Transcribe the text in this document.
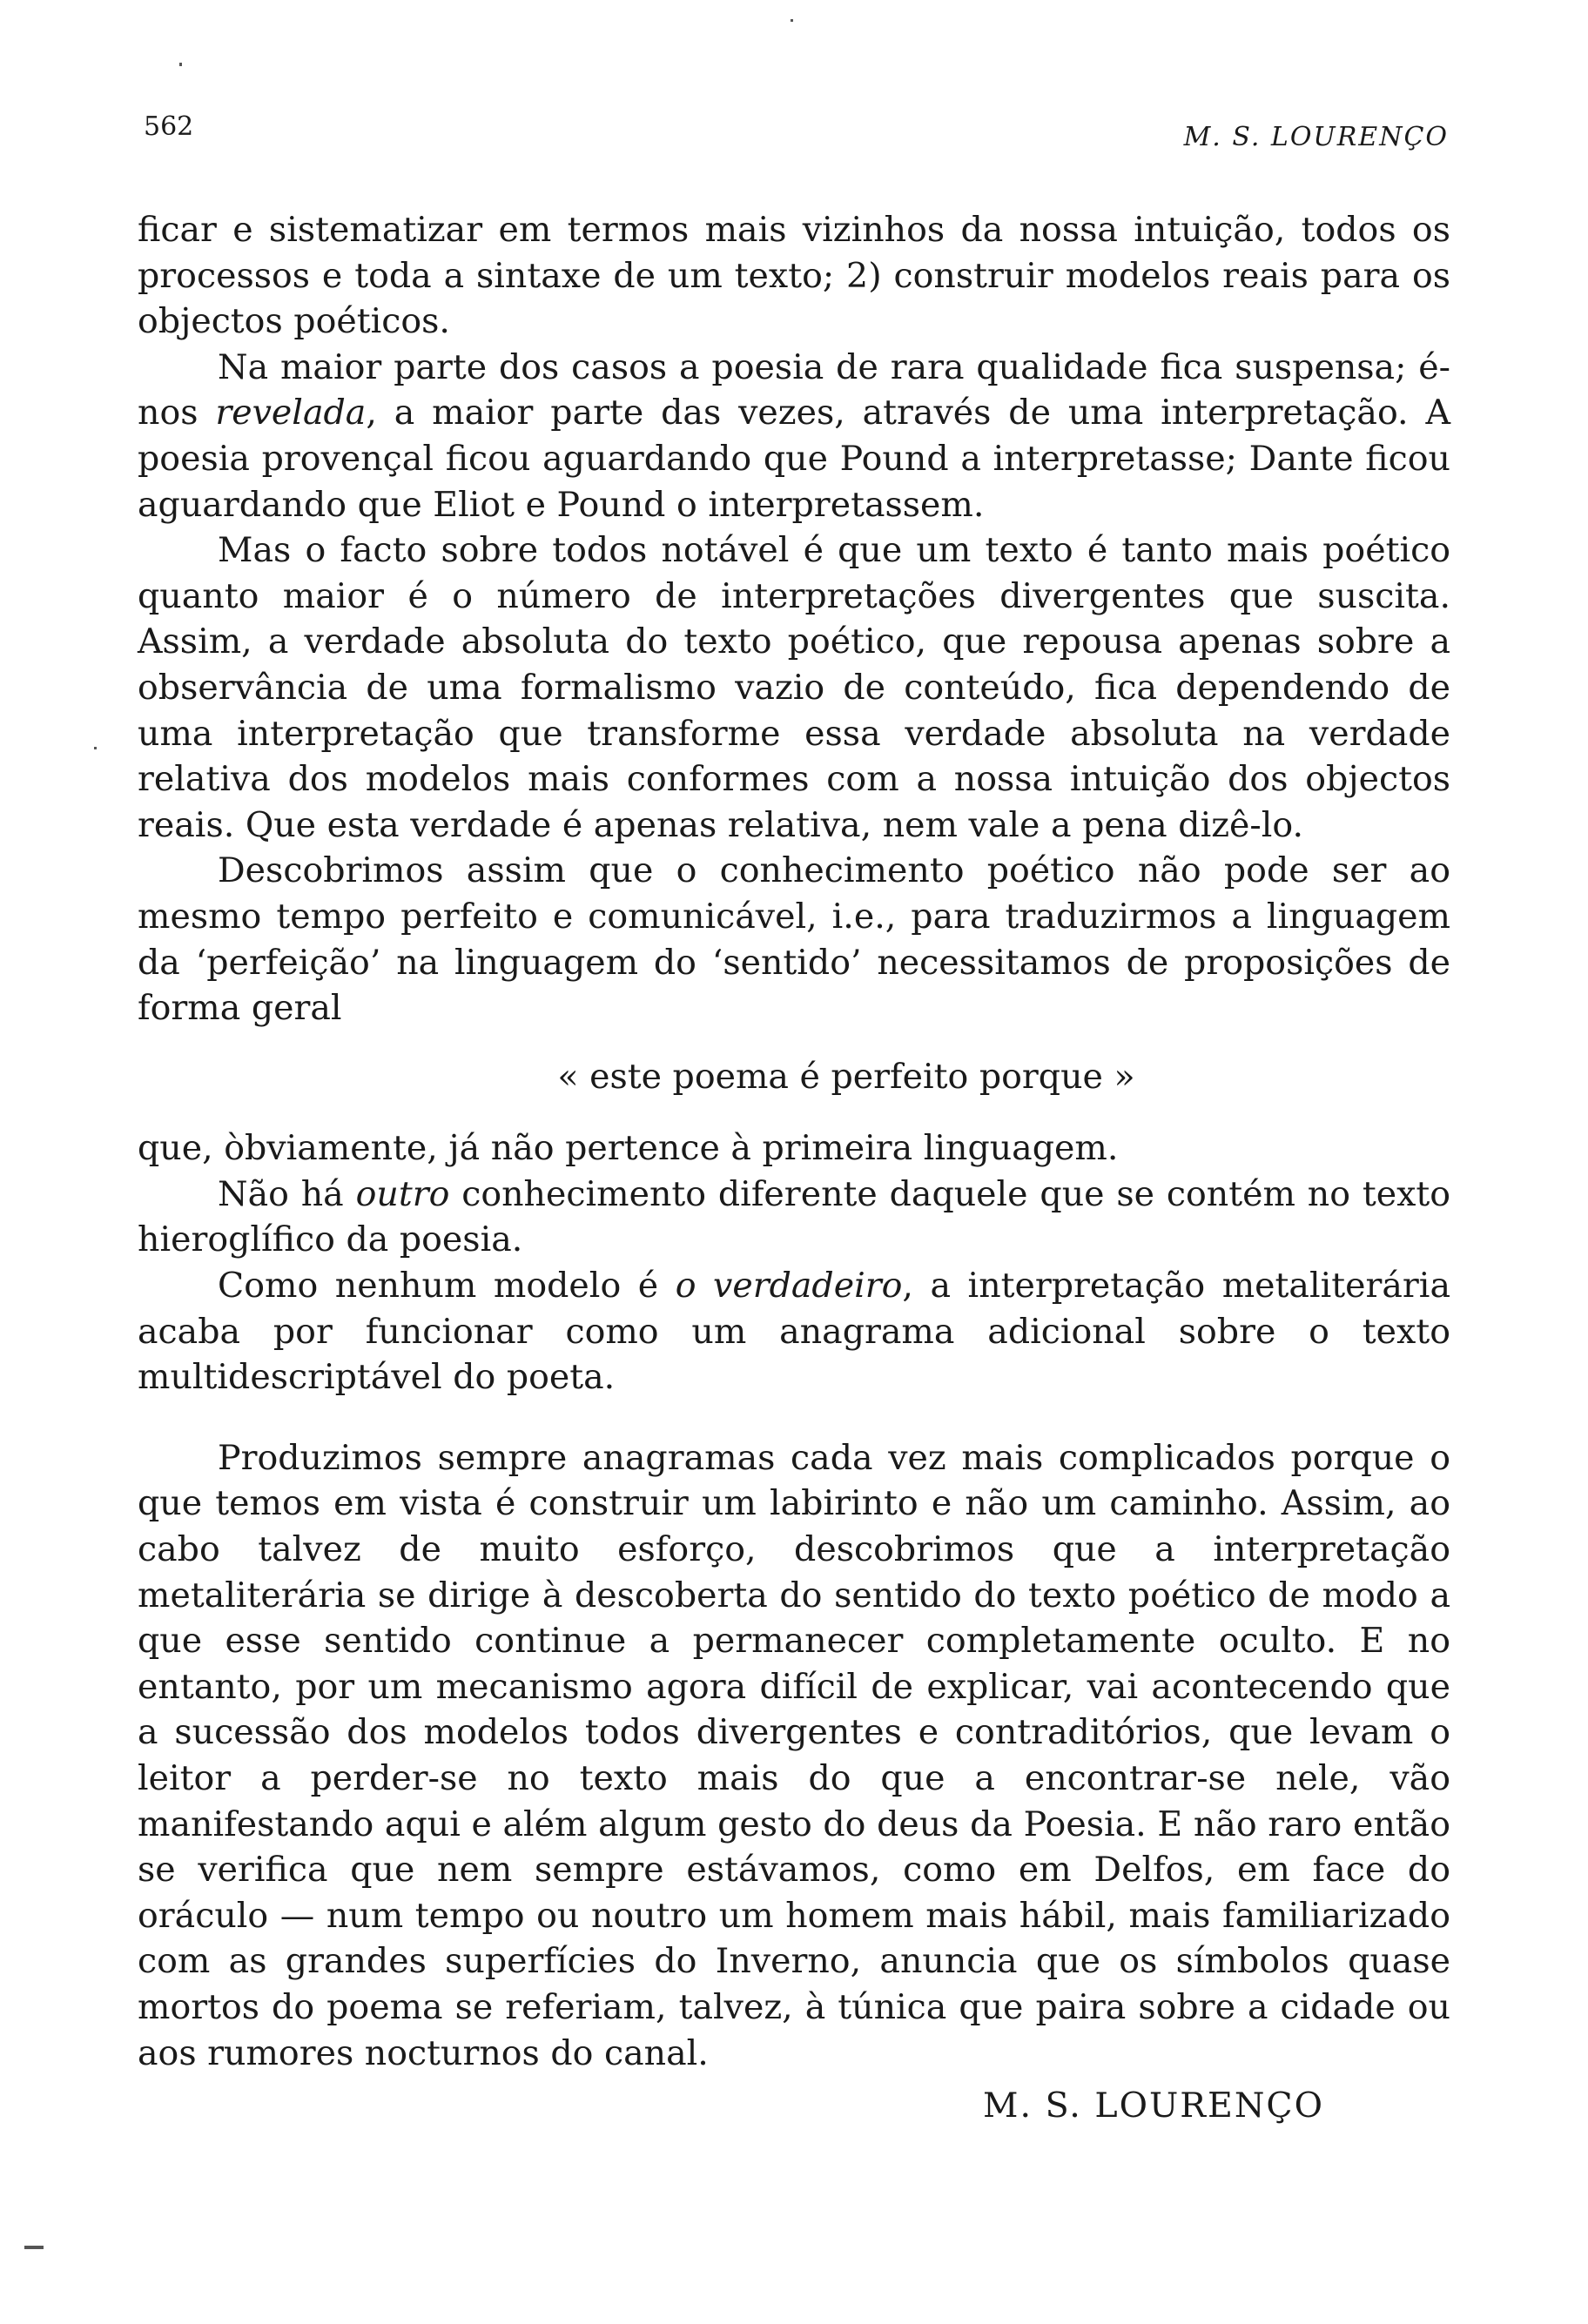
562	M. S. LOURENÇO

ficar e sistematizar em termos mais vizinhos da nossa intuição, todos os processos e toda a sintaxe de um texto; 2) construir modelos reais para os objectos poéticos.

Na maior parte dos casos a poesia de rara qualidade fica suspensa; é-nos revelada, a maior parte das vezes, através de uma interpretação. A poesia provençal ficou aguardando que Pound a interpretasse; Dante ficou aguardando que Eliot e Pound o interpretassem.

Mas o facto sobre todos notável é que um texto é tanto mais poético quanto maior é o número de interpretações divergentes que suscita. Assim, a verdade absoluta do texto poético, que repousa apenas sobre a observância de uma formalismo vazio de conteúdo, fica dependendo de uma interpretação que transforme essa verdade absoluta na verdade relativa dos modelos mais conformes com a nossa intuição dos objectos reais. Que esta verdade é apenas relativa, nem vale a pena dizê-lo.

Descobrimos assim que o conhecimento poético não pode ser ao mesmo tempo perfeito e comunicável, i.e., para traduzirmos a linguagem da ‘perfeição’ na linguagem do ‘sentido’ necessitamos de proposições de forma geral

« este poema é perfeito porque »

que, òbviamente, já não pertence à primeira linguagem.

Não há outro conhecimento diferente daquele que se contém no texto hieroglífico da poesia.

Como nenhum modelo é o verdadeiro, a interpretação metaliterária acaba por funcionar como um anagrama adicional sobre o texto multidescriptável do poeta.

Produzimos sempre anagramas cada vez mais complicados porque o que temos em vista é construir um labirinto e não um caminho. Assim, ao cabo talvez de muito esforço, descobrimos que a interpretação metaliterária se dirige à descoberta do sentido do texto poético de modo a que esse sentido continue a permanecer completamente oculto. E no entanto, por um mecanismo agora difícil de explicar, vai acontecendo que a sucessão dos modelos todos divergentes e contraditórios, que levam o leitor a perder-se no texto mais do que a encontrar-se nele, vão manifestando aqui e além algum gesto do deus da Poesia. E não raro então se verifica que nem sempre estávamos, como em Delfos, em face do oráculo — num tempo ou noutro um homem mais hábil, mais familiarizado com as grandes superfícies do Inverno, anuncia que os símbolos quase mortos do poema se referiam, talvez, à túnica que paira sobre a cidade ou aos rumores nocturnos do canal.

M. S. LOURENÇO
